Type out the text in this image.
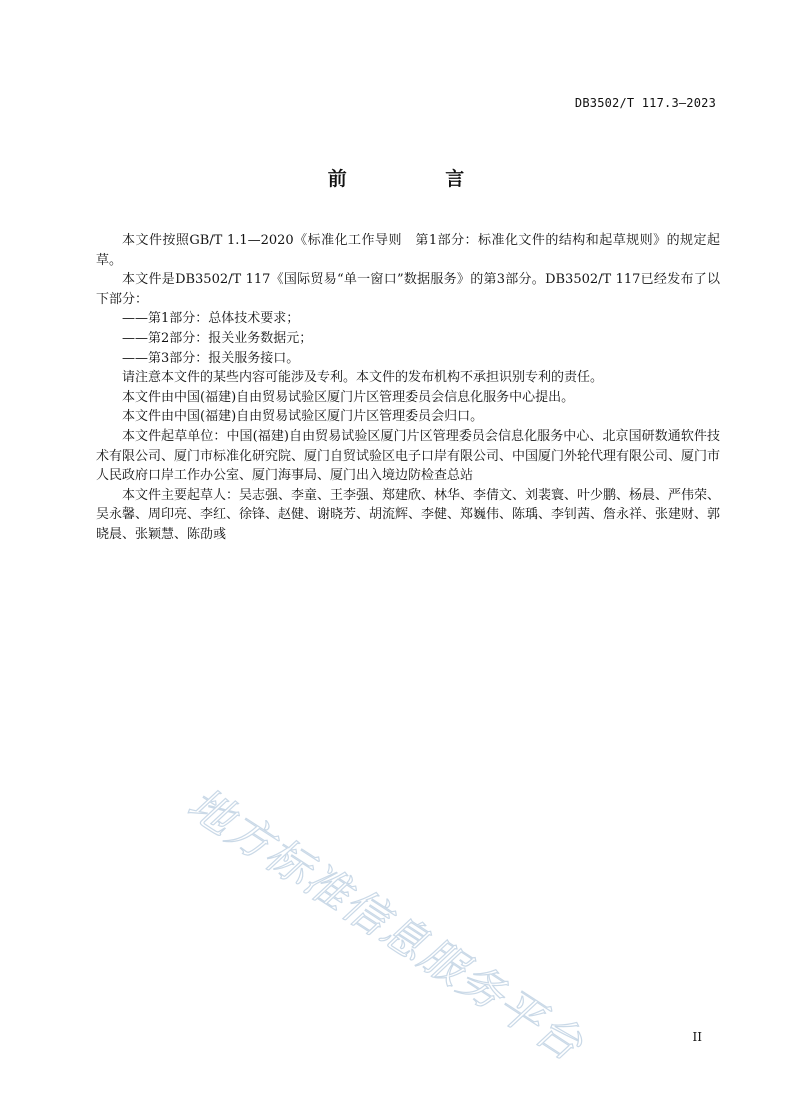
DB3502/T 117.3—2023
前 言

本文件按照GB/T 1.1—2020《标准化工作导则　第1部分：标准化文件的结构和起草规则》的规定起草。

本文件是DB3502/T 117《国际贸易“单一窗口”数据服务》的第3部分。DB3502/T 117已经发布了以下部分：

——第1部分：总体技术要求；

——第2部分：报关业务数据元；

——第3部分：报关服务接口。

请注意本文件的某些内容可能涉及专利。本文件的发布机构不承担识别专利的责任。

本文件由中国(福建)自由贸易试验区厦门片区管理委员会信息化服务中心提出。

本文件由中国(福建)自由贸易试验区厦门片区管理委员会归口。

本文件起草单位：中国(福建)自由贸易试验区厦门片区管理委员会信息化服务中心、北京国研数通软件技术有限公司、厦门市标准化研究院、厦门自贸试验区电子口岸有限公司、中国厦门外轮代理有限公司、厦门市人民政府口岸工作办公室、厦门海事局、厦门出入境边防检查总站

本文件主要起草人：吴志强、李童、王李强、郑建欣、林华、李倩文、刘裴寰、叶少鹏、杨晨、严伟荣、吴永馨、周印亮、李红、徐锋、赵健、谢晓芳、胡流辉、李健、郑巍伟、陈瑀、李钊茜、詹永祥、张建财、郭晓晨、张颖慧、陈劭彧

地方标准信息服务平台	II
